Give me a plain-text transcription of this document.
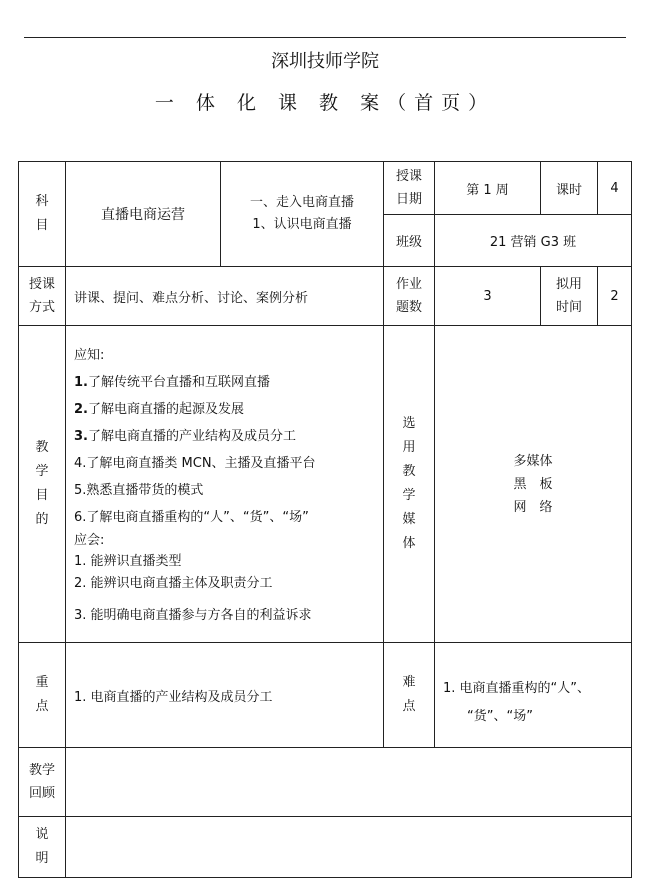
深圳技师学院
一 体 化 课 教 案（首页）
科
目
直播电商运营
一、走入电商直播
1、认识电商直播
授课
日期
第 1 周	课时 4
班级	21 营销 G3 班
授课
方式
讲课、提问、难点分析、讨论、案例分析
作业
题数
3
拟用
时间
2
教
学
目
的
应知:
1.了解传统平台直播和互联网直播
2.了解电商直播的起源及发展
3.了解电商直播的产业结构及成员分工
4.了解电商直播类 MCN、主播及直播平台
5.熟悉直播带货的模式
6.了解电商直播重构的“人”、“货”、“场”
应会:
1. 能辨识直播类型
2. 能辨识电商直播主体及职责分工
3. 能明确电商直播参与方各自的利益诉求
选
用
教
学
媒
体
多媒体
黑　板
网　络
重
点
1. 电商直播的产业结构及成员分工
难
点
1. 电商直播重构的“人”、
“货”、“场”
教学
回顾
说
明
